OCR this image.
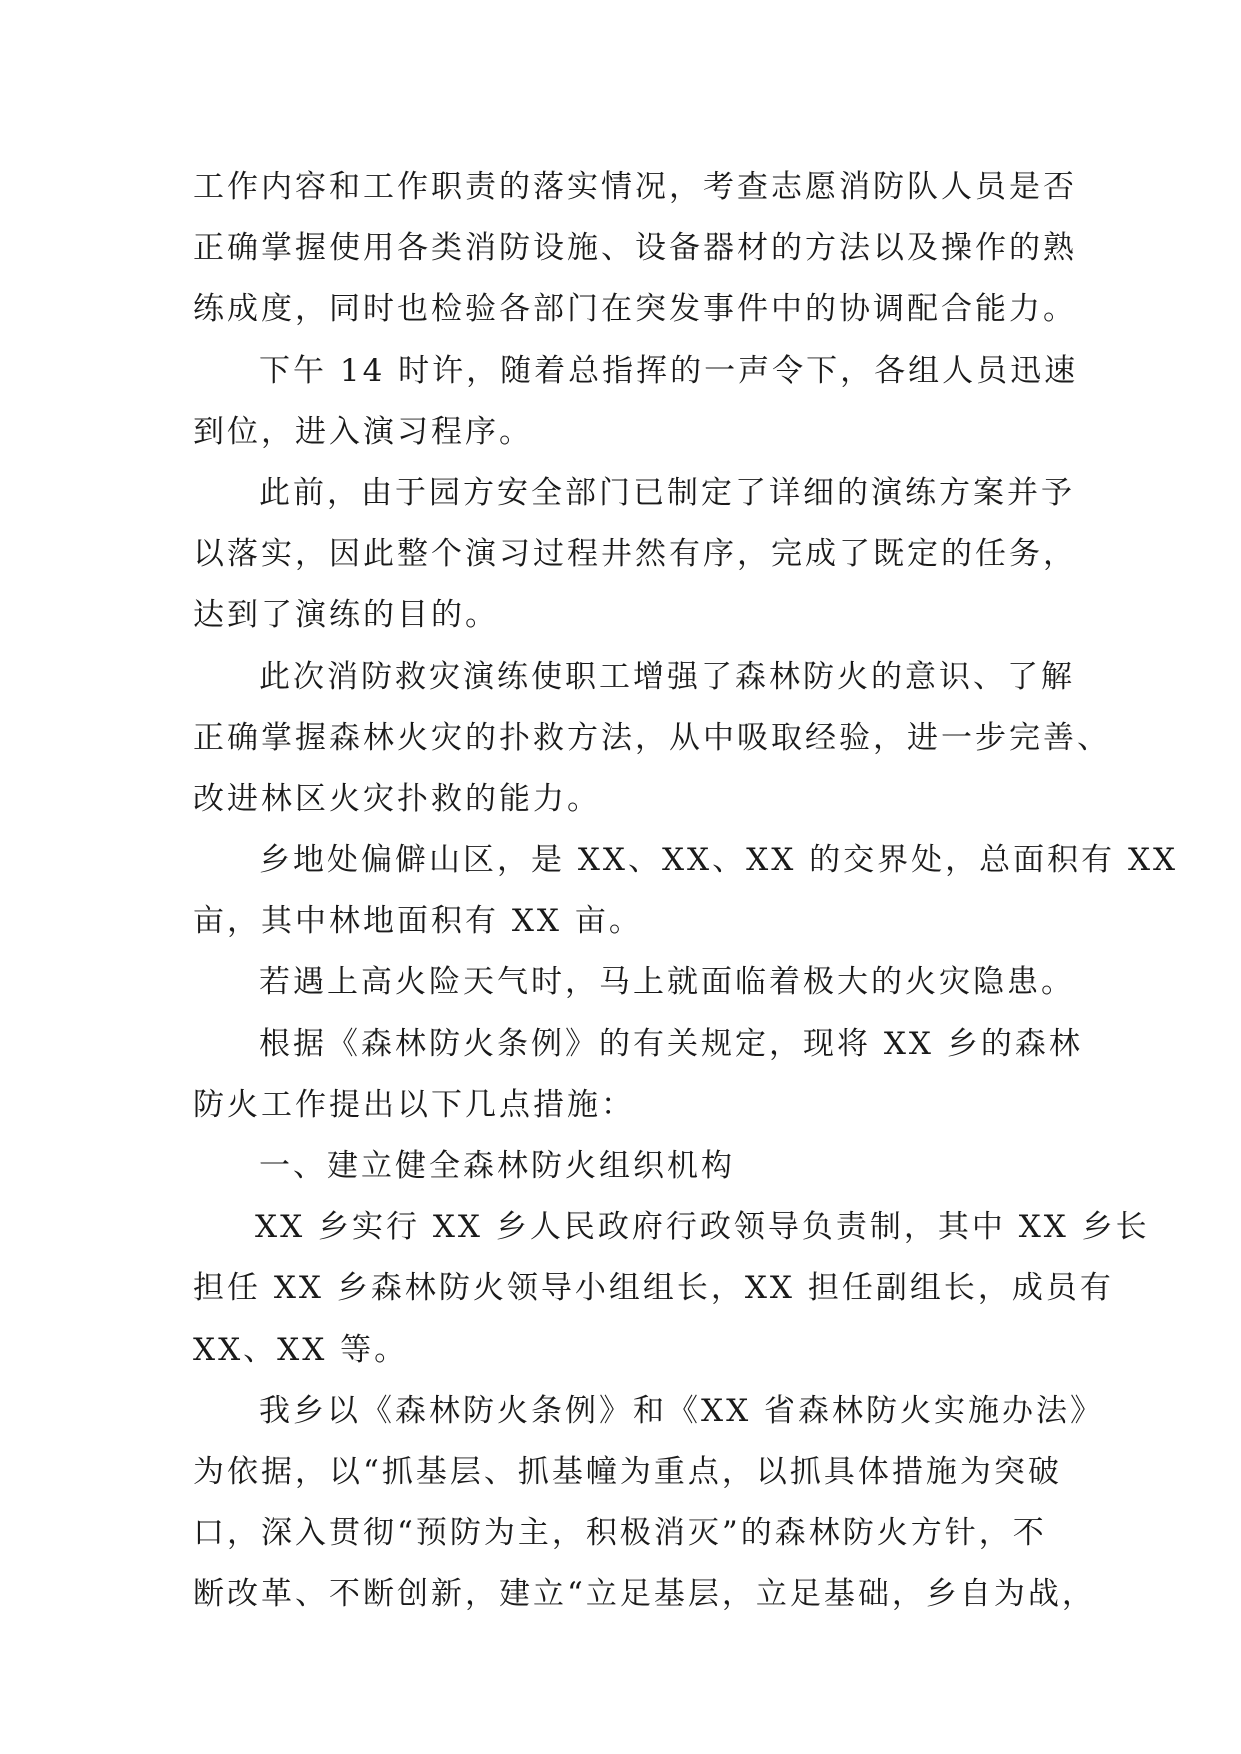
工作内容和工作职责的落实情况，考查志愿消防队人员是否
正确掌握使用各类消防设施、设备器材的方法以及操作的熟
练成度，同时也检验各部门在突发事件中的协调配合能力。
下午 14 时许，随着总指挥的一声令下，各组人员迅速
到位，进入演习程序。
此前，由于园方安全部门已制定了详细的演练方案并予
以落实，因此整个演习过程井然有序，完成了既定的任务，
达到了演练的目的。
此次消防救灾演练使职工增强了森林防火的意识、了解
正确掌握森林火灾的扑救方法，从中吸取经验，进一步完善、
改进林区火灾扑救的能力。
乡地处偏僻山区，是 XX、XX、XX 的交界处，总面积有 XX
亩，其中林地面积有 XX 亩。
若遇上高火险天气时，马上就面临着极大的火灾隐患。
根据《森林防火条例》的有关规定，现将 XX 乡的森林
防火工作提出以下几点措施：
一、建立健全森林防火组织机构
XX 乡实行 XX 乡人民政府行政领导负责制，其中 XX 乡长
担任 XX 乡森林防火领导小组组长，XX 担任副组长，成员有
XX、XX 等。
我乡以《森林防火条例》和《XX 省森林防火实施办法》
为依据，以“抓基层、抓基幢为重点，以抓具体措施为突破
口，深入贯彻“预防为主，积极消灭”的森林防火方针，不
断改革、不断创新，建立“立足基层，立足基础，乡自为战，
